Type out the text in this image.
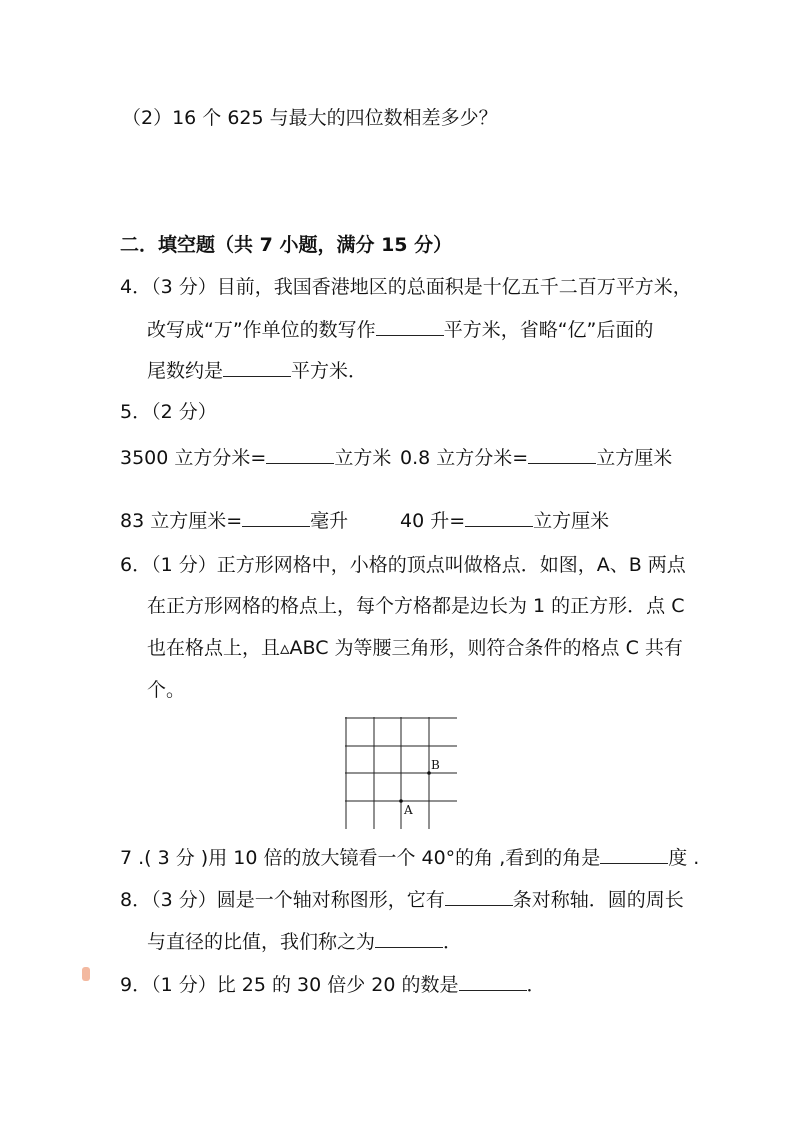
（2）16 个 625 与最大的四位数相差多少？
二．填空题（共 7 小题，满分 15 分）
4．（3 分）目前，我国香港地区的总面积是十亿五千二百万平方米，
改写成“万”作单位的数写作	平方米，省略“亿”后面的
尾数约是	平方米．
5．（2 分）
3500 立方分米=	立方米 0.8 立方分米=	立方厘米
83 立方厘米=	毫升	40 升=	立方厘米
6．（1 分）正方形网格中，小格的顶点叫做格点．如图，A、B 两点
在正方形网格的格点上，每个方格都是边长为 1 的正方形．点 C
也在格点上，且▵ABC 为等腰三角形，则符合条件的格点 C 共有
个。
A
B
7 .( 3 分 )用 10 倍的放大镜看一个 40°的角 ,看到的角是	度 .
8．（3 分）圆是一个轴对称图形，它有	条对称轴．圆的周长
与直径的比值，我们称之为	．
9．（1 分）比 25 的 30 倍少 20 的数是	．
